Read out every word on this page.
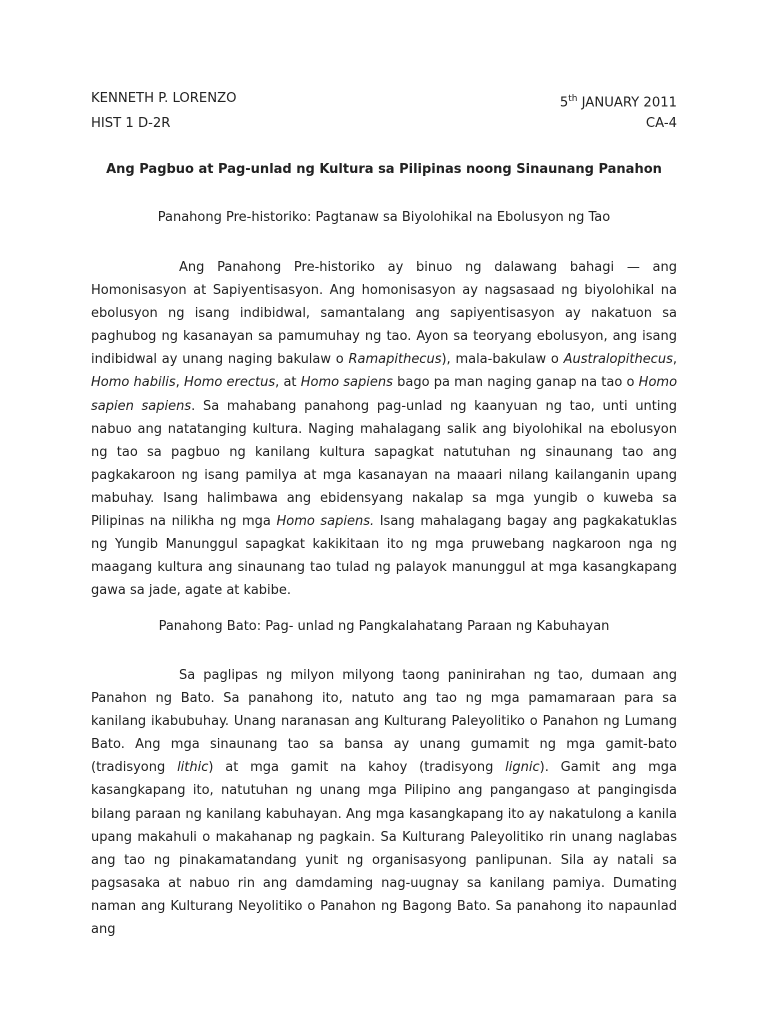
KENNETH P. LORENZO	5th JANUARY 2011
HIST 1 D-2R	CA-4
Ang Pagbuo at Pag-unlad ng Kultura sa Pilipinas noong Sinaunang Panahon
Panahong Pre-historiko: Pagtanaw sa Biyolohikal na Ebolusyon ng Tao

Ang Panahong Pre-historiko ay binuo ng dalawang bahagi — ang Homonisasyon at Sapiyentisasyon. Ang homonisasyon ay nagsasaad ng biyolohikal na ebolusyon ng isang indibidwal, samantalang ang sapiyentisasyon ay nakatuon sa paghubog ng kasanayan sa pamumuhay ng tao. Ayon sa teoryang ebolusyon, ang isang indibidwal ay unang naging bakulaw o Ramapithecus), mala-bakulaw o Australopithecus, Homo habilis, Homo erectus, at Homo sapiens bago pa man naging ganap na tao o Homo sapien sapiens. Sa mahabang panahong pag-unlad ng kaanyuan ng tao, unti unting nabuo ang natatanging kultura. Naging mahalagang salik ang biyolohikal na ebolusyon ng tao sa pagbuo ng kanilang kultura sapagkat natutuhan ng sinaunang tao ang pagkakaroon ng isang pamilya at mga kasanayan na maaari nilang kailanganin upang mabuhay. Isang halimbawa ang ebidensyang nakalap sa mga yungib o kuweba sa Pilipinas na nilikha ng mga Homo sapiens. Isang mahalagang bagay ang pagkakatuklas ng Yungib Manunggul sapagkat kakikitaan ito ng mga pruwebang nagkaroon nga ng maagang kultura ang sinaunang tao tulad ng palayok manunggul at mga kasangkapang gawa sa jade, agate at kabibe.

Panahong Bato: Pag- unlad ng Pangkalahatang Paraan ng Kabuhayan

Sa paglipas ng milyon milyong taong paninirahan ng tao, dumaan ang Panahon ng Bato. Sa panahong ito, natuto ang tao ng mga pamamaraan para sa kanilang ikabubuhay. Unang naranasan ang Kulturang Paleyolitiko o Panahon ng Lumang Bato. Ang mga sinaunang tao sa bansa ay unang gumamit ng mga gamit-bato (tradisyong lithic) at mga gamit na kahoy (tradisyong lignic). Gamit ang mga kasangkapang ito, natutuhan ng unang mga Pilipino ang pangangaso at pangingisda bilang paraan ng kanilang kabuhayan. Ang mga kasangkapang ito ay nakatulong a kanila upang makahuli o makahanap ng pagkain. Sa Kulturang Paleyolitiko rin unang naglabas ang tao ng pinakamatandang yunit ng organisasyong panlipunan. Sila ay natali sa pagsasaka at nabuo rin ang damdaming nag-uugnay sa kanilang pamiya. Dumating naman ang Kulturang Neyolitiko o Panahon ng Bagong Bato. Sa panahong ito napaunlad ang
